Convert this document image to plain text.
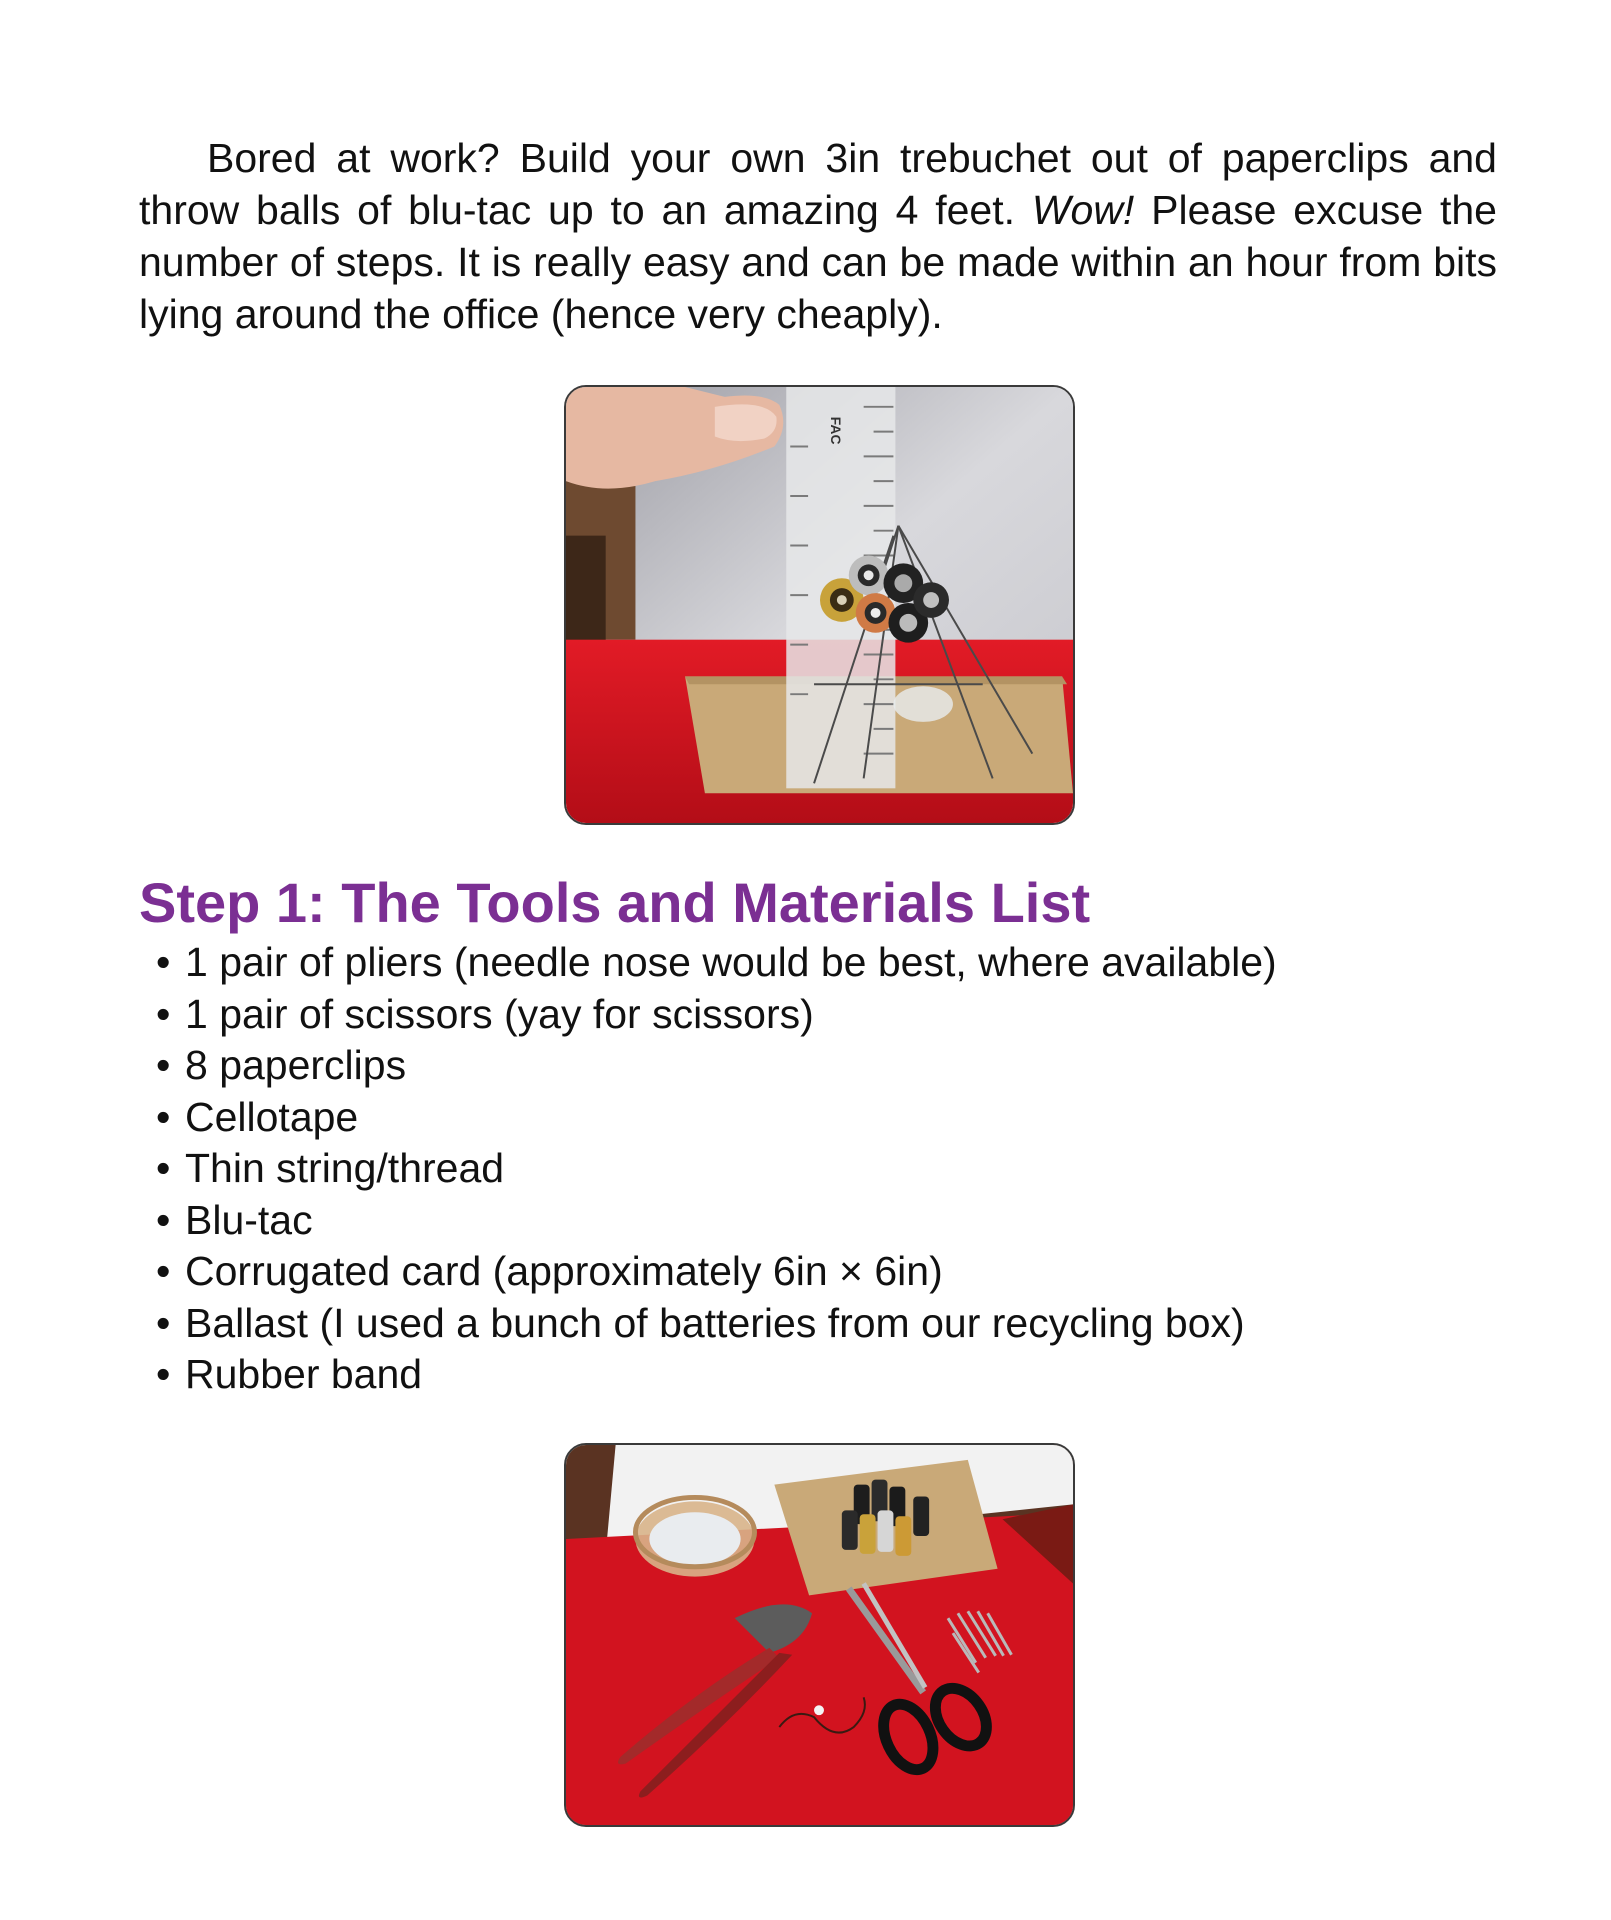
Bored at work? Build your own 3in trebuchet out of paperclips and throw balls of blu-tac up to an amazing 4 feet. Wow! Please excuse the number of steps. It is really easy and can be made within an hour from bits lying around the office (hence very cheaply).

FAC
Step 1: The Tools and Materials List
• 1 pair of pliers (needle nose would be best, where available)
• 1 pair of scissors (yay for scissors)
• 8 paperclips
• Cellotape
• Thin string/thread
• Blu-tac
• Corrugated card (approximately 6in × 6in)
• Ballast (I used a bunch of batteries from our recycling box)
• Rubber band
